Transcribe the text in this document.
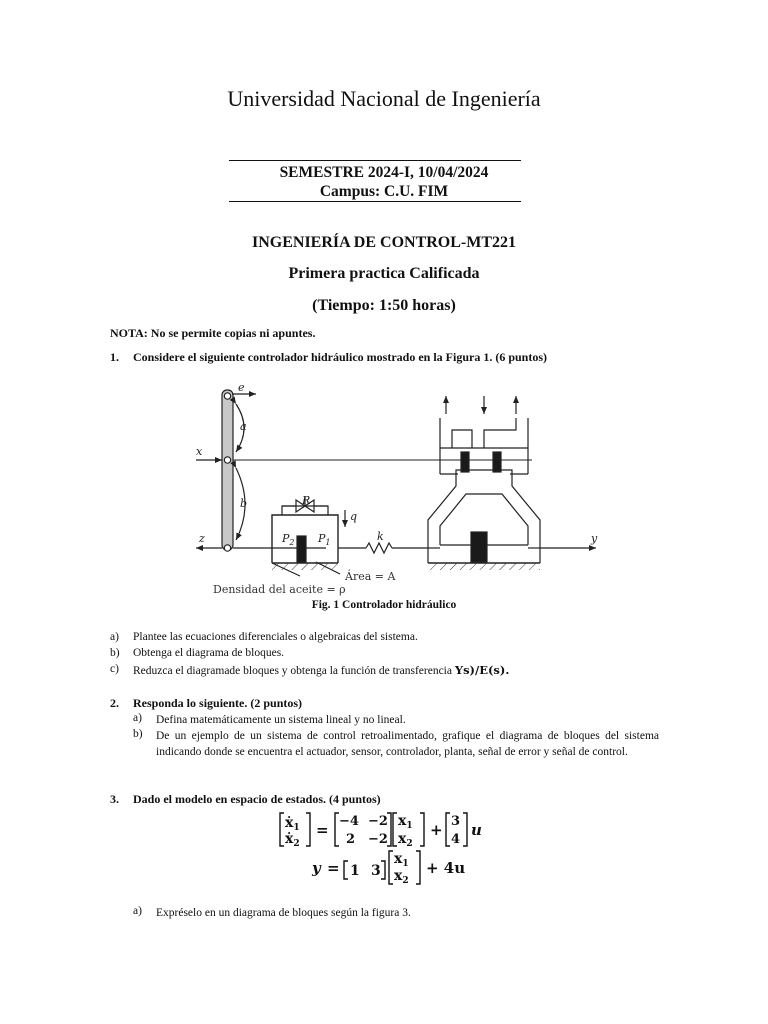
Universidad Nacional de Ingeniería
SEMESTRE 2024-I, 10/04/2024
Campus: C.U. FIM
INGENIERÍA DE CONTROL-MT221
Primera practica Calificada
(Tiempo: 1:50 horas)
NOTA: No se permite copias ni apuntes.
1. Considere el siguiente controlador hidráulico mostrado en la Figura 1. (6 puntos)
e
a
x
b
z
R
q
$P_2$ $P_1$	k	y
Área = A
Densidad del aceite = ρ
Fig. 1 Controlador hidráulico
a) Plantee las ecuaciones diferenciales o algebraicas del sistema.
b) Obtenga el diagrama de bloques.
c) Reduzca el diagramade bloques y obtenga la función de transferencia Ys)/E(s).
2. Responda lo siguiente. (2 puntos)
a) Defina matemáticamente un sistema lineal y no lineal.
b) De un ejemplo de un sistema de control retroalimentado, grafique el diagrama de bloques del sistema indicando donde se encuentra el actuador, sensor, controlador, planta, señal de error y señal de control.
3. Dado el modelo en espacio de estados. (4 puntos)
ẋ$_1$
ẋ$_2$
= −4 −2
2 −2
$x_1$
$x_2$
+ 3
4
u
y = 1 3
$x_1$
$x_2$
+ 4u
a) Expréselo en un diagrama de bloques según la figura 3.
